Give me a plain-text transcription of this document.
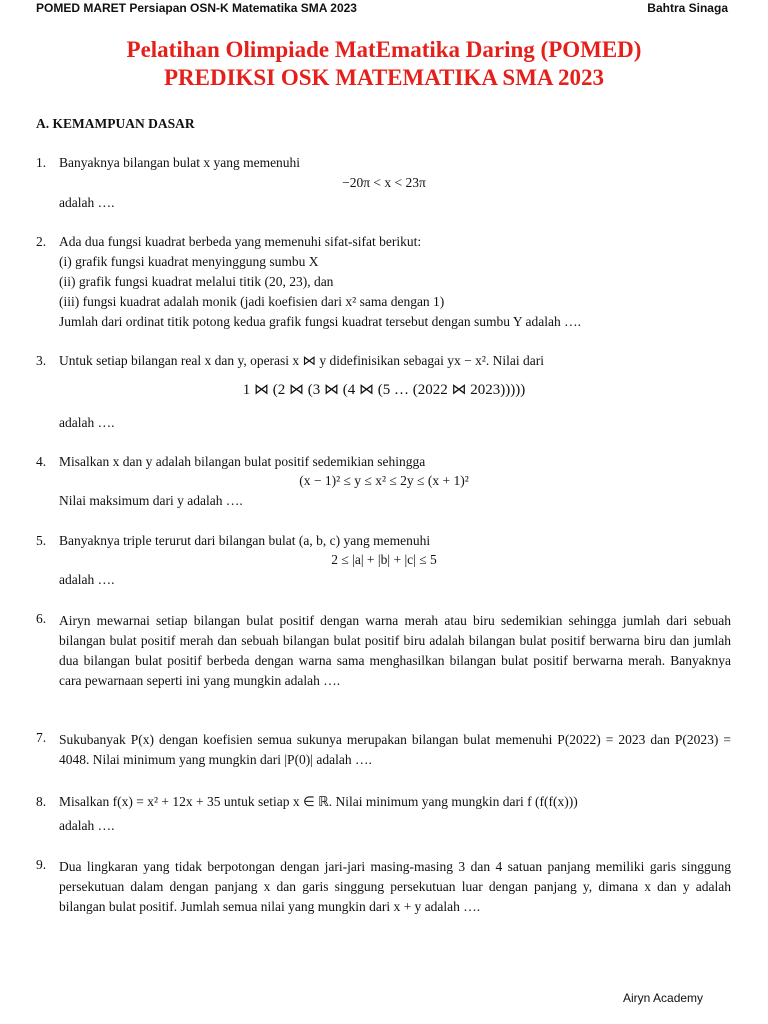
POMED MARET Persiapan OSN-K Matematika SMA 2023	Bahtra Sinaga
Pelatihan Olimpiade MatEmatika Daring (POMED)
PREDIKSI OSK MATEMATIKA SMA 2023
A. KEMAMPUAN DASAR
1. Banyaknya bilangan bulat x yang memenuhi
−20π < x < 23π
adalah ….
2. Ada dua fungsi kuadrat berbeda yang memenuhi sifat-sifat berikut:
(i) grafik fungsi kuadrat menyinggung sumbu X
(ii) grafik fungsi kuadrat melalui titik (20, 23), dan
(iii) fungsi kuadrat adalah monik (jadi koefisien dari x² sama dengan 1)
Jumlah dari ordinat titik potong kedua grafik fungsi kuadrat tersebut dengan sumbu Y adalah ….
3. Untuk setiap bilangan real x dan y, operasi x ⋈ y didefinisikan sebagai yx − x². Nilai dari
1 ⋈ (2 ⋈ (3 ⋈ (4 ⋈ (5 … (2022 ⋈ 2023)))))
adalah ….
4. Misalkan x dan y adalah bilangan bulat positif sedemikian sehingga
(x − 1)² ≤ y ≤ x² ≤ 2y ≤ (x + 1)²
Nilai maksimum dari y adalah ….
5. Banyaknya triple terurut dari bilangan bulat (a, b, c) yang memenuhi
2 ≤ |a| + |b| + |c| ≤ 5
adalah ….
6. Airyn mewarnai setiap bilangan bulat positif dengan warna merah atau biru sedemikian sehingga jumlah dari sebuah bilangan bulat positif merah dan sebuah bilangan bulat positif biru adalah bilangan bulat positif berwarna biru dan jumlah dua bilangan bulat positif berbeda dengan warna sama menghasilkan bilangan bulat positif berwarna merah. Banyaknya cara pewarnaan seperti ini yang mungkin adalah ….
7. Sukubanyak P(x) dengan koefisien semua sukunya merupakan bilangan bulat memenuhi P(2022) = 2023 dan P(2023) = 4048. Nilai minimum yang mungkin dari |P(0)| adalah ….
8. Misalkan f(x) = x² + 12x + 35 untuk setiap x ∈ ℝ. Nilai minimum yang mungkin dari f (f(f(x)))
adalah ….
9. Dua lingkaran yang tidak berpotongan dengan jari-jari masing-masing 3 dan 4 satuan panjang memiliki garis singgung persekutuan dalam dengan panjang x dan garis singgung persekutuan luar dengan panjang y, dimana x dan y adalah bilangan bulat positif. Jumlah semua nilai yang mungkin dari x + y adalah ….
Airyn Academy
